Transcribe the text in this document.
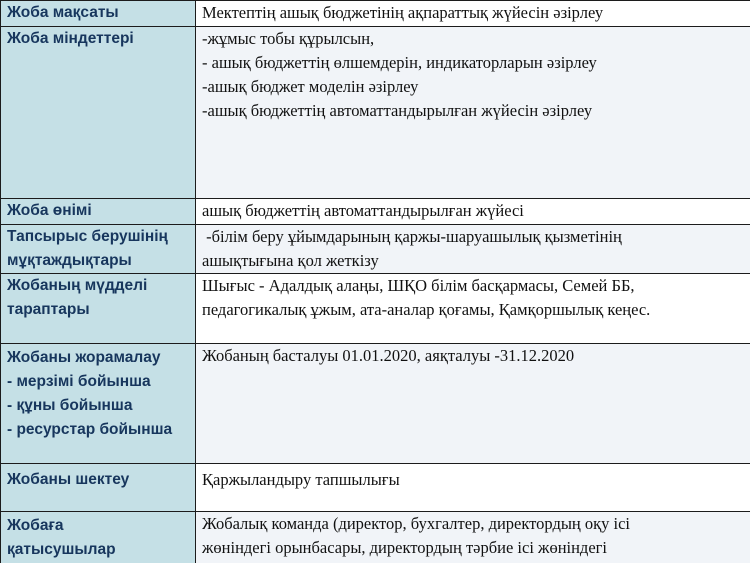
Жоба мақсаты	Мектептің ашық бюджетінің ақпараттық жүйесін әзірлеу

Жоба міндеттері	-жұмыс тобы құрылсын,
- ашық бюджеттің өлшемдерін, индикаторларын әзірлеу
-ашық бюджет моделін әзірлеу
-ашық бюджеттің автоматтандырылған жүйесін әзірлеу

Жоба өнімі	ашық бюджеттің автоматтандырылған жүйесі

Тапсырыс берушінің
мұқтаждықтары	-білім беру ұйымдарының қаржы-шаруашылық қызметінің
ашықтығына қол жеткізу

Жобаның мүдделі
тараптары	Шығыс - Адалдық алаңы, ШҚО білім басқармасы, Семей ББ,
педагогикалық ұжым, ата-аналар қоғамы, Қамқоршылық кеңес.

Жобаны жорамалау
- мерзімі бойынша
- құны бойынша
- ресурстар бойынша	Жобаның басталуы 01.01.2020, аяқталуы -31.12.2020

Жобаны шектеу	Қаржыландыру тапшылығы

Жобаға
қатысушылар	Жобалық команда (директор, бухгалтер, директордың оқу ісі
жөніндегі орынбасары, директордың тәрбие ісі жөніндегі
